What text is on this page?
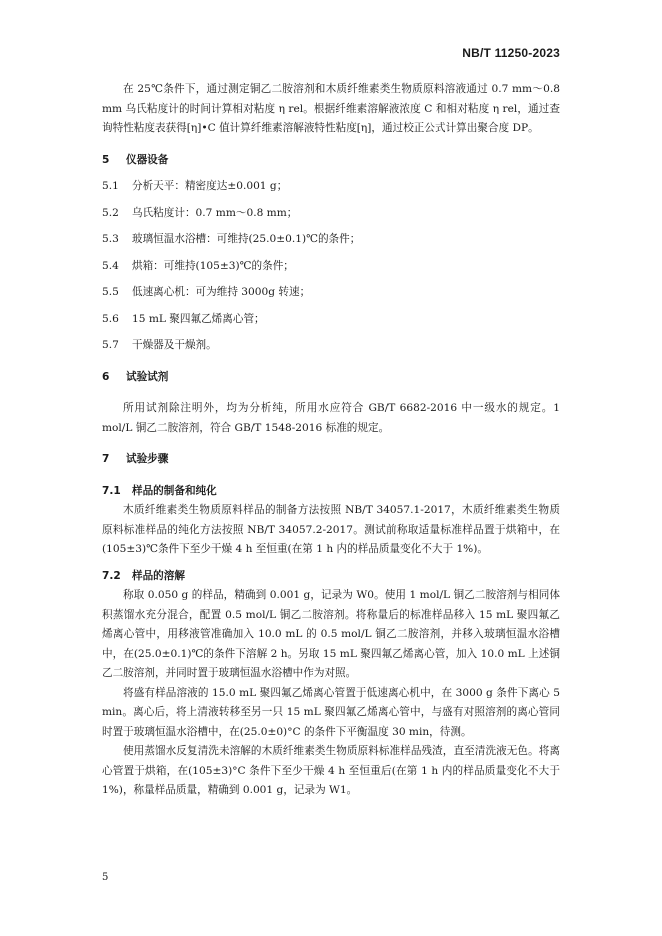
NB/T 11250-2023

在 25℃条件下，通过测定铜乙二胺溶剂和木质纤维素类生物质原料溶液通过 0.7 mm～0.8 mm 乌氏粘度计的时间计算相对粘度 η rel。根据纤维素溶解液浓度 C 和相对粘度 η rel，通过查询特性粘度表获得[η]•C 值计算纤维素溶解液特性粘度[η]，通过校正公式计算出聚合度 DP。

5	仪器设备
5.1	分析天平：精密度达±0.001 g；
5.2	乌氏粘度计：0.7 mm～0.8 mm；
5.3	玻璃恒温水浴槽：可维持(25.0±0.1)℃的条件；
5.4	烘箱：可维持(105±3)℃的条件；
5.5	低速离心机：可为维持 3000g 转速；
5.6	15 mL 聚四氟乙烯离心管；
5.7	干燥器及干燥剂。
6	试验试剂

所用试剂除注明外，均为分析纯，所用水应符合 GB/T 6682-2016 中一级水的规定。1 mol/L 铜乙二胺溶剂，符合 GB/T 1548-2016 标准的规定。

7	试验步骤
7.1	样品的制备和纯化

木质纤维素类生物质原料样品的制备方法按照 NB/T 34057.1-2017，木质纤维素类生物质原料标准样品的纯化方法按照 NB/T 34057.2-2017。测试前称取适量标准样品置于烘箱中，在(105±3)℃条件下至少干燥 4 h 至恒重(在第 1 h 内的样品质量变化不大于 1%)。

7.2	样品的溶解

称取 0.050 g 的样品，精确到 0.001 g，记录为 W0。使用 1 mol/L 铜乙二胺溶剂与相同体积蒸馏水充分混合，配置 0.5 mol/L 铜乙二胺溶剂。将称量后的标准样品移入 15 mL 聚四氟乙烯离心管中，用移液管准确加入 10.0 mL 的 0.5 mol/L 铜乙二胺溶剂，并移入玻璃恒温水浴槽中，在(25.0±0.1)℃的条件下溶解 2 h。另取 15 mL 聚四氟乙烯离心管，加入 10.0 mL 上述铜乙二胺溶剂，并同时置于玻璃恒温水浴槽中作为对照。

将盛有样品溶液的 15.0 mL 聚四氟乙烯离心管置于低速离心机中，在 3000 g 条件下离心 5 min。离心后，将上清液转移至另一只 15 mL 聚四氟乙烯离心管中，与盛有对照溶剂的离心管同时置于玻璃恒温水浴槽中，在(25.0±0)°C 的条件下平衡温度 30 min，待测。

使用蒸馏水反复清洗未溶解的木质纤维素类生物质原料标准样品残渣，直至清洗液无色。将离心管置于烘箱，在(105±3)°C 条件下至少干燥 4 h 至恒重后(在第 1 h 内的样品质量变化不大于 1%)，称量样品质量，精确到 0.001 g，记录为 W1。

5
